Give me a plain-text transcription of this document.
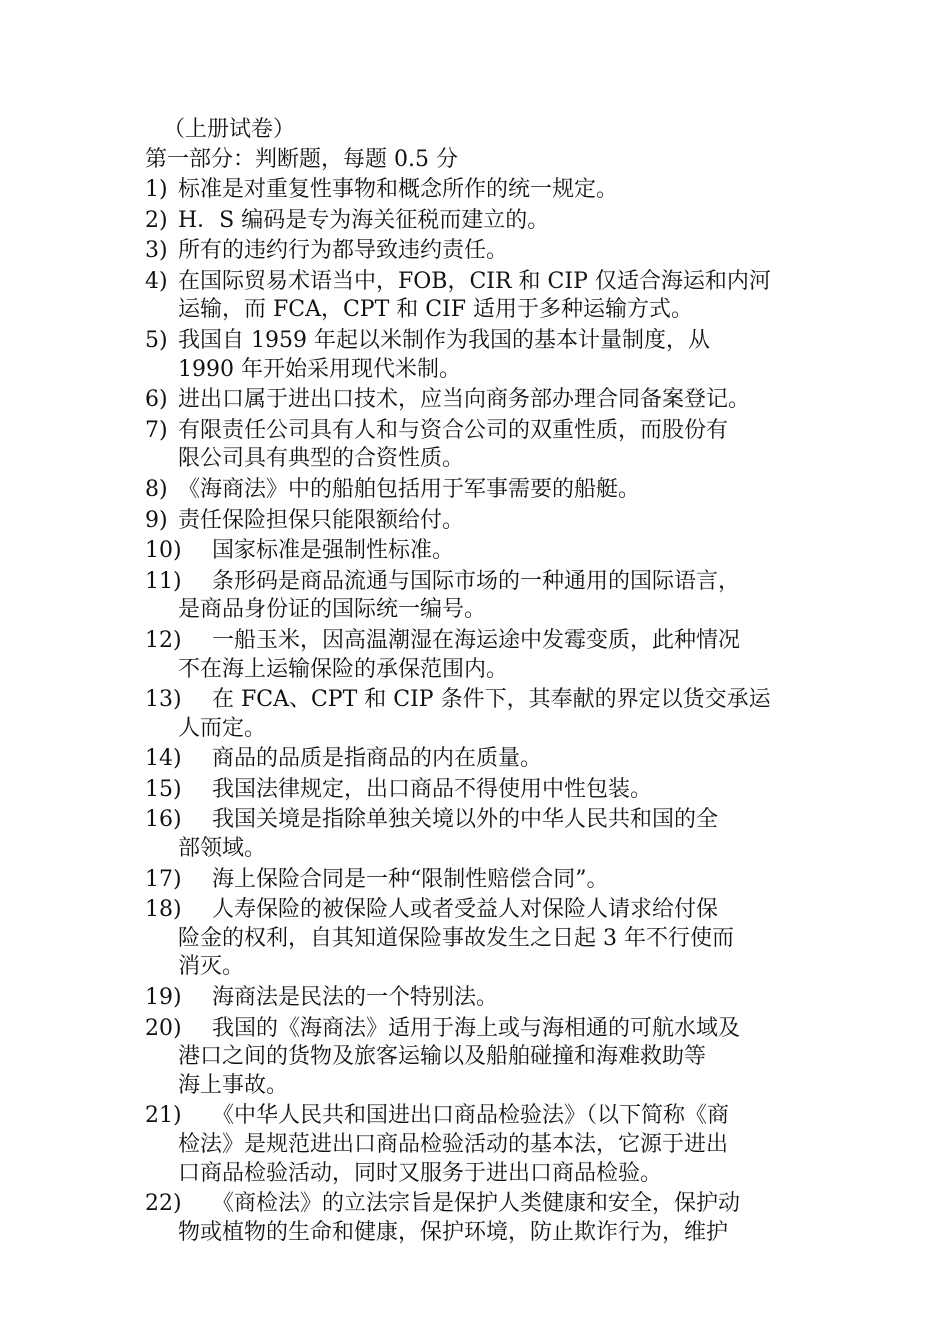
（上册试卷）
第一部分：判断题，每题 0.5 分
1) 标准是对重复性事物和概念所作的统一规定。
2) H．S 编码是专为海关征税而建立的。
3) 所有的违约行为都导致违约责任。
4) 在国际贸易术语当中，FOB，CIR 和 CIP 仅适合海运和内河
运输，而 FCA，CPT 和 CIF 适用于多种运输方式。
5) 我国自 1959 年起以米制作为我国的基本计量制度，从
1990 年开始采用现代米制。
6) 进出口属于进出口技术，应当向商务部办理合同备案登记。
7) 有限责任公司具有人和与资合公司的双重性质，而股份有
限公司具有典型的合资性质。
8) 《海商法》中的船舶包括用于军事需要的船艇。
9) 责任保险担保只能限额给付。
10)	国家标准是强制性标准。
11)	条形码是商品流通与国际市场的一种通用的国际语言，
是商品身份证的国际统一编号。
12)	一船玉米，因高温潮湿在海运途中发霉变质，此种情况
不在海上运输保险的承保范围内。
13)	在 FCA、CPT 和 CIP 条件下，其奉献的界定以货交承运
人而定。
14)	商品的品质是指商品的内在质量。
15)	我国法律规定，出口商品不得使用中性包装。
16)	我国关境是指除单独关境以外的中华人民共和国的全
部领域。
17)	海上保险合同是一种“限制性赔偿合同”。
18)	人寿保险的被保险人或者受益人对保险人请求给付保
险金的权利，自其知道保险事故发生之日起 3 年不行使而
消灭。
19)	海商法是民法的一个特别法。
20)	我国的《海商法》适用于海上或与海相通的可航水域及
港口之间的货物及旅客运输以及船舶碰撞和海难救助等
海上事故。
21)	《中华人民共和国进出口商品检验法》（以下简称《商
检法》是规范进出口商品检验活动的基本法，它源于进出
口商品检验活动，同时又服务于进出口商品检验。
22)	《商检法》的立法宗旨是保护人类健康和安全，保护动
物或植物的生命和健康，保护环境，防止欺诈行为，维护
